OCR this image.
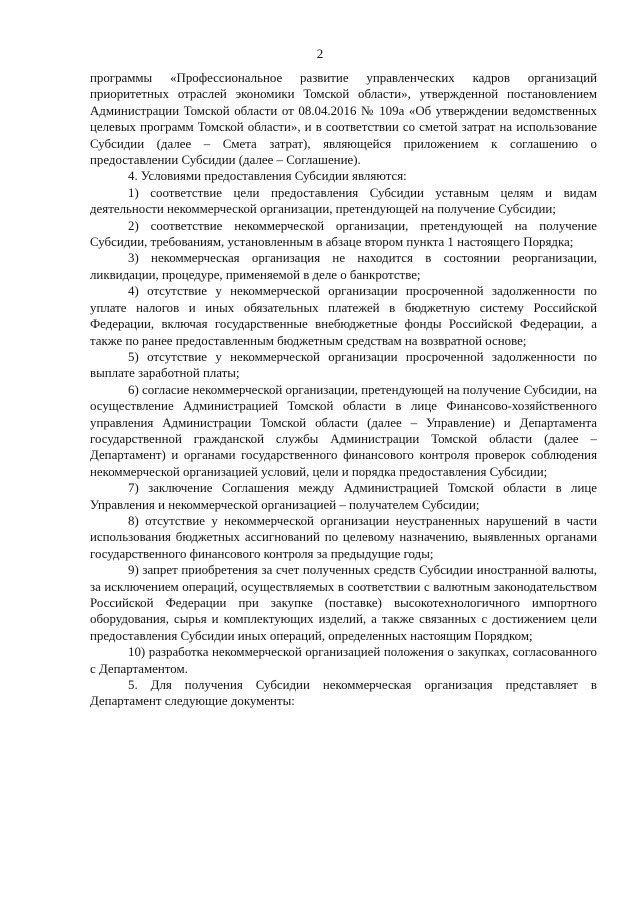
2

программы «Профессиональное развитие управленческих кадров организаций приоритетных отраслей экономики Томской области», утвержденной постановлением Администрации Томской области от 08.04.2016 № 109а «Об утверждении ведомственных целевых программ Томской области», и в соответствии со сметой затрат на использование Субсидии (далее – Смета затрат), являющейся приложением к соглашению о предоставлении Субсидии (далее – Соглашение).

4. Условиями предоставления Субсидии являются:

1) соответствие цели предоставления Субсидии уставным целям и видам деятельности некоммерческой организации, претендующей на получение Субсидии;

2) соответствие некоммерческой организации, претендующей на получение Субсидии, требованиям, установленным в абзаце втором пункта 1 настоящего Порядка;

3) некоммерческая организация не находится в состоянии реорганизации, ликвидации, процедуре, применяемой в деле о банкротстве;

4) отсутствие у некоммерческой организации просроченной задолженности по уплате налогов и иных обязательных платежей в бюджетную систему Российской Федерации, включая государственные внебюджетные фонды Российской Федерации, а также по ранее предоставленным бюджетным средствам на возвратной основе;

5) отсутствие у некоммерческой организации просроченной задолженности по выплате заработной платы;

6) согласие некоммерческой организации, претендующей на получение Субсидии, на осуществление Администрацией Томской области в лице Финансово-хозяйственного управления Администрации Томской области (далее – Управление) и Департамента государственной гражданской службы Администрации Томской области (далее – Департамент) и органами государственного финансового контроля проверок соблюдения некоммерческой организацией условий, цели и порядка предоставления Субсидии;

7) заключение Соглашения между Администрацией Томской области в лице Управления и некоммерческой организацией – получателем Субсидии;

8) отсутствие у некоммерческой организации неустраненных нарушений в части использования бюджетных ассигнований по целевому назначению, выявленных органами государственного финансового контроля за предыдущие годы;

9) запрет приобретения за счет полученных средств Субсидии иностранной валюты, за исключением операций, осуществляемых в соответствии с валютным законодательством Российской Федерации при закупке (поставке) высокотехнологичного импортного оборудования, сырья и комплектующих изделий, а также связанных с достижением цели предоставления Субсидии иных операций, определенных настоящим Порядком;

10) разработка некоммерческой организацией положения о закупках, согласованного с Департаментом.

5. Для получения Субсидии некоммерческая организация представляет в Департамент следующие документы:
